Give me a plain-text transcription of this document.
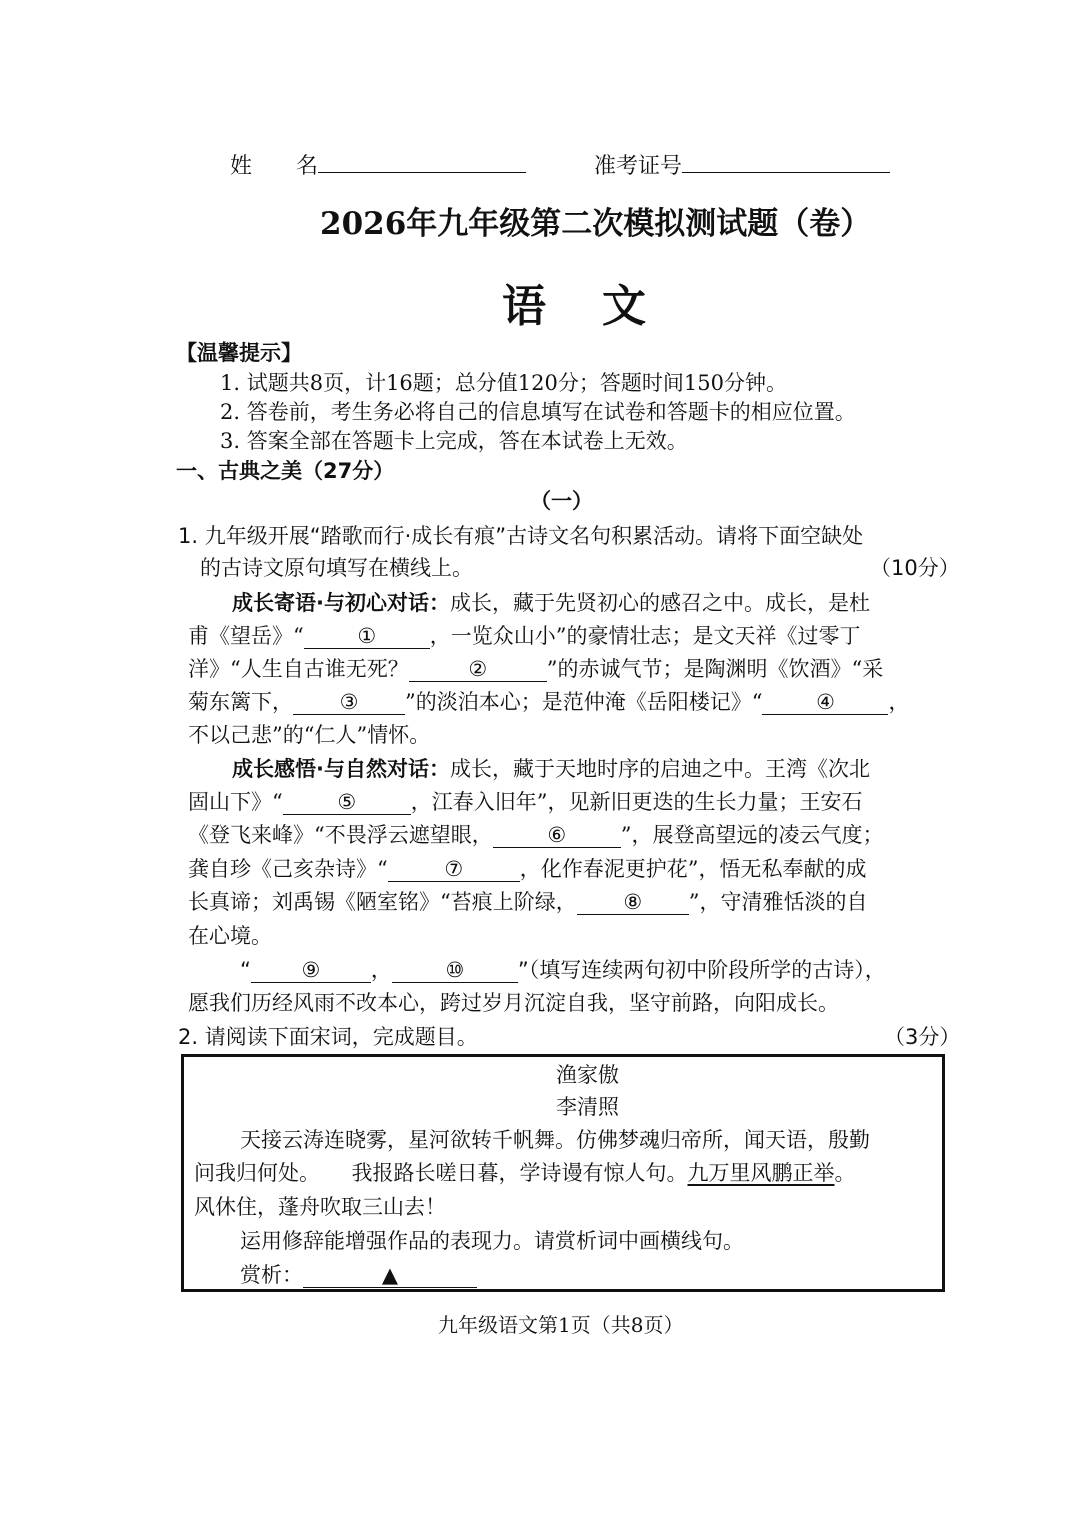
姓　　名	准考证号
2026年九年级第二次模拟测试题（卷）
语　文
【温馨提示】
1. 试题共8页，计16题；总分值120分；答题时间150分钟。
2. 答卷前，考生务必将自己的信息填写在试卷和答题卡的相应位置。
3. 答案全部在答题卡上完成，答在本试卷上无效。
一、古典之美（27分）
（一）
1. 九年级开展“踏歌而行·成长有痕”古诗文名句积累活动。请将下面空缺处
的古诗文原句填写在横线上。	（10分）
成长寄语·与初心对话：成长，藏于先贤初心的感召之中。成长，是杜
甫《望岳》“	①	，一览众山小”的豪情壮志；是文天祥《过零丁
洋》“人生自古谁无死？	②	”的赤诚气节；是陶渊明《饮酒》“采
菊东篱下， ③ ”的淡泊本心；是范仲淹《岳阳楼记》“	④	，
不以己悲”的“仁人”情怀。
成长感悟·与自然对话：成长，藏于天地时序的启迪之中。王湾《次北
固山下》“	⑤	，江春入旧年”，见新旧更迭的生长力量；王安石
《登飞来峰》“不畏浮云遮望眼，	⑥	”，展登高望远的凌云气度；
龚自珍《己亥杂诗》“	⑦	，化作春泥更护花”，悟无私奉献的成
长真谛；刘禹锡《陋室铭》“苔痕上阶绿， ⑧ ”，守清雅恬淡的自
在心境。
“ ⑨ ，	⑩	”（填写连续两句初中阶段所学的古诗），
愿我们历经风雨不改本心，跨过岁月沉淀自我，坚守前路，向阳成长。
2. 请阅读下面宋词，完成题目。	（3分）
渔家傲
李清照
天接云涛连晓雾，星河欲转千帆舞。仿佛梦魂归帝所，闻天语，殷勤
问我归何处。　　我报路长嗟日暮，学诗谩有惊人句。九万里风鹏正举。
风休住，蓬舟吹取三山去！
运用修辞能增强作品的表现力。请赏析词中画横线句。
赏析：	▲
九年级语文第1页（共8页）
